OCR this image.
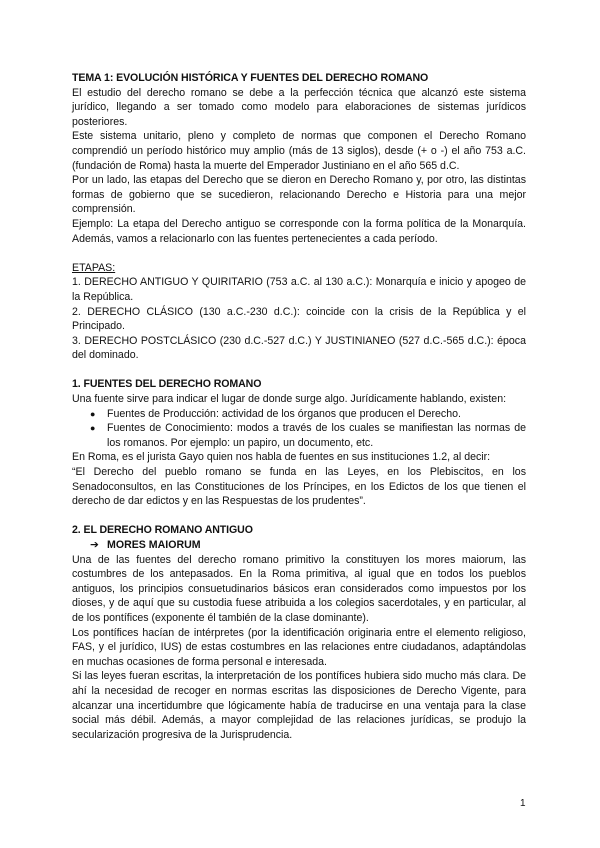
TEMA 1: EVOLUCIÓN HISTÓRICA Y FUENTES DEL DERECHO ROMANO

El estudio del derecho romano se debe a la perfección técnica que alcanzó este sistema jurídico, llegando a ser tomado como modelo para elaboraciones de sistemas jurídicos posteriores.

Este sistema unitario, pleno y completo de normas que componen el Derecho Romano comprendió un período histórico muy amplio (más de 13 siglos), desde (+ o -) el año 753 a.C. (fundación de Roma) hasta la muerte del Emperador Justiniano en el año 565 d.C.

Por un lado, las etapas del Derecho que se dieron en Derecho Romano y, por otro, las distintas formas de gobierno que se sucedieron, relacionando Derecho e Historia para una mejor comprensión.

Ejemplo: La etapa del Derecho antiguo se corresponde con la forma política de la Monarquía. Además, vamos a relacionarlo con las fuentes pertenecientes a cada período.

ETAPAS:

1. DERECHO ANTIGUO Y QUIRITARIO (753 a.C. al 130 a.C.): Monarquía e inicio y apogeo de la República.

2. DERECHO CLÁSICO (130 a.C.-230 d.C.): coincide con la crisis de la República y el Principado.

3. DERECHO POSTCLÁSICO (230 d.C.-527 d.C.) Y JUSTINIANEO (527 d.C.-565 d.C.): época del dominado.

1. FUENTES DEL DERECHO ROMANO

Una fuente sirve para indicar el lugar de donde surge algo. Jurídicamente hablando, existen:

● Fuentes de Producción: actividad de los órganos que producen el Derecho.
● Fuentes de Conocimiento: modos a través de los cuales se manifiestan las normas de los romanos. Por ejemplo: un papiro, un documento, etc.

En Roma, es el jurista Gayo quien nos habla de fuentes en sus instituciones 1.2, al decir:

“El Derecho del pueblo romano se funda en las Leyes, en los Plebiscitos, en los Senadoconsultos, en las Constituciones de los Príncipes, en los Edictos de los que tienen el derecho de dar edictos y en las Respuestas de los prudentes”.

2. EL DERECHO ROMANO ANTIGUO

➔ MORES MAIORUM

Una de las fuentes del derecho romano primitivo la constituyen los mores maiorum, las costumbres de los antepasados. En la Roma primitiva, al igual que en todos los pueblos antiguos, los principios consuetudinarios básicos eran considerados como impuestos por los dioses, y de aquí que su custodia fuese atribuida a los colegios sacerdotales, y en particular, al de los pontífices (exponente él también de la clase dominante).

Los pontífices hacían de intérpretes (por la identificación originaria entre el elemento religioso, FAS, y el jurídico, IUS) de estas costumbres en las relaciones entre ciudadanos, adaptándolas en muchas ocasiones de forma personal e interesada.

Si las leyes fueran escritas, la interpretación de los pontífices hubiera sido mucho más clara. De ahí la necesidad de recoger en normas escritas las disposiciones de Derecho Vigente, para alcanzar una incertidumbre que lógicamente había de traducirse en una ventaja para la clase social más débil. Además, a mayor complejidad de las relaciones jurídicas, se produjo la secularización progresiva de la Jurisprudencia.

1
